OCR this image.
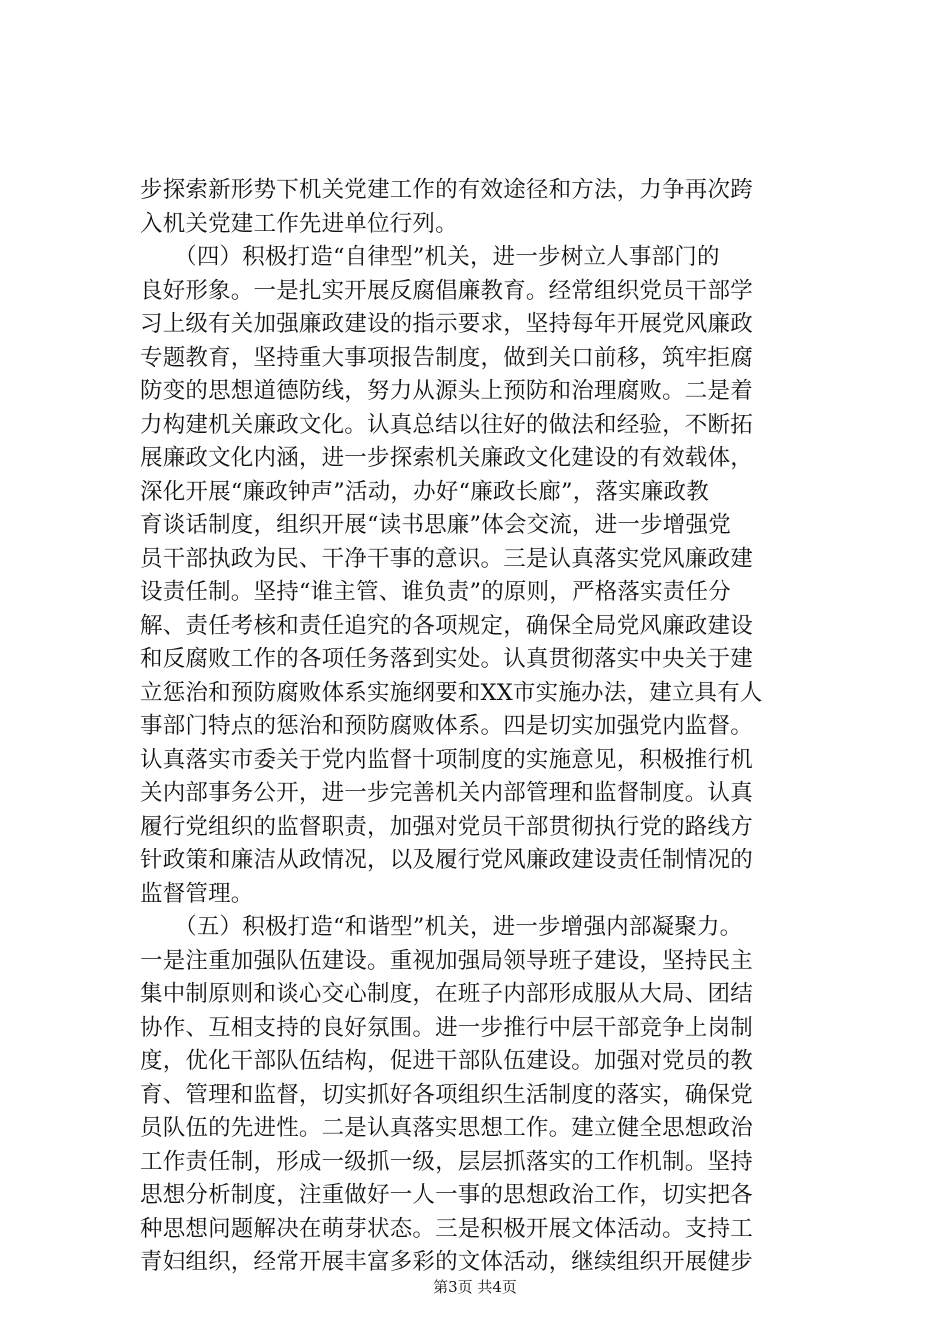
步探索新形势下机关党建工作的有效途径和方法，力争再次跨
入机关党建工作先进单位行列。
　　（四）积极打造“自律型”机关，进一步树立人事部门的
良好形象。一是扎实开展反腐倡廉教育。经常组织党员干部学
习上级有关加强廉政建设的指示要求，坚持每年开展党风廉政
专题教育，坚持重大事项报告制度，做到关口前移，筑牢拒腐
防变的思想道德防线，努力从源头上预防和治理腐败。二是着
力构建机关廉政文化。认真总结以往好的做法和经验，不断拓
展廉政文化内涵，进一步探索机关廉政文化建设的有效载体，
深化开展“廉政钟声”活动，办好“廉政长廊”，落实廉政教
育谈话制度，组织开展“读书思廉”体会交流，进一步增强党
员干部执政为民、干净干事的意识。三是认真落实党风廉政建
设责任制。坚持“谁主管、谁负责”的原则，严格落实责任分
解、责任考核和责任追究的各项规定，确保全局党风廉政建设
和反腐败工作的各项任务落到实处。认真贯彻落实中央关于建
立惩治和预防腐败体系实施纲要和XX市实施办法，建立具有人
事部门特点的惩治和预防腐败体系。四是切实加强党内监督。
认真落实市委关于党内监督十项制度的实施意见，积极推行机
关内部事务公开，进一步完善机关内部管理和监督制度。认真
履行党组织的监督职责，加强对党员干部贯彻执行党的路线方
针政策和廉洁从政情况，以及履行党风廉政建设责任制情况的
监督管理。
　　（五）积极打造“和谐型”机关，进一步增强内部凝聚力。
一是注重加强队伍建设。重视加强局领导班子建设，坚持民主
集中制原则和谈心交心制度，在班子内部形成服从大局、团结
协作、互相支持的良好氛围。进一步推行中层干部竞争上岗制
度，优化干部队伍结构，促进干部队伍建设。加强对党员的教
育、管理和监督，切实抓好各项组织生活制度的落实，确保党
员队伍的先进性。二是认真落实思想工作。建立健全思想政治
工作责任制，形成一级抓一级，层层抓落实的工作机制。坚持
思想分析制度，注重做好一人一事的思想政治工作，切实把各
种思想问题解决在萌芽状态。三是积极开展文体活动。支持工
青妇组织，经常开展丰富多彩的文体活动，继续组织开展健步
第3页 共4页
